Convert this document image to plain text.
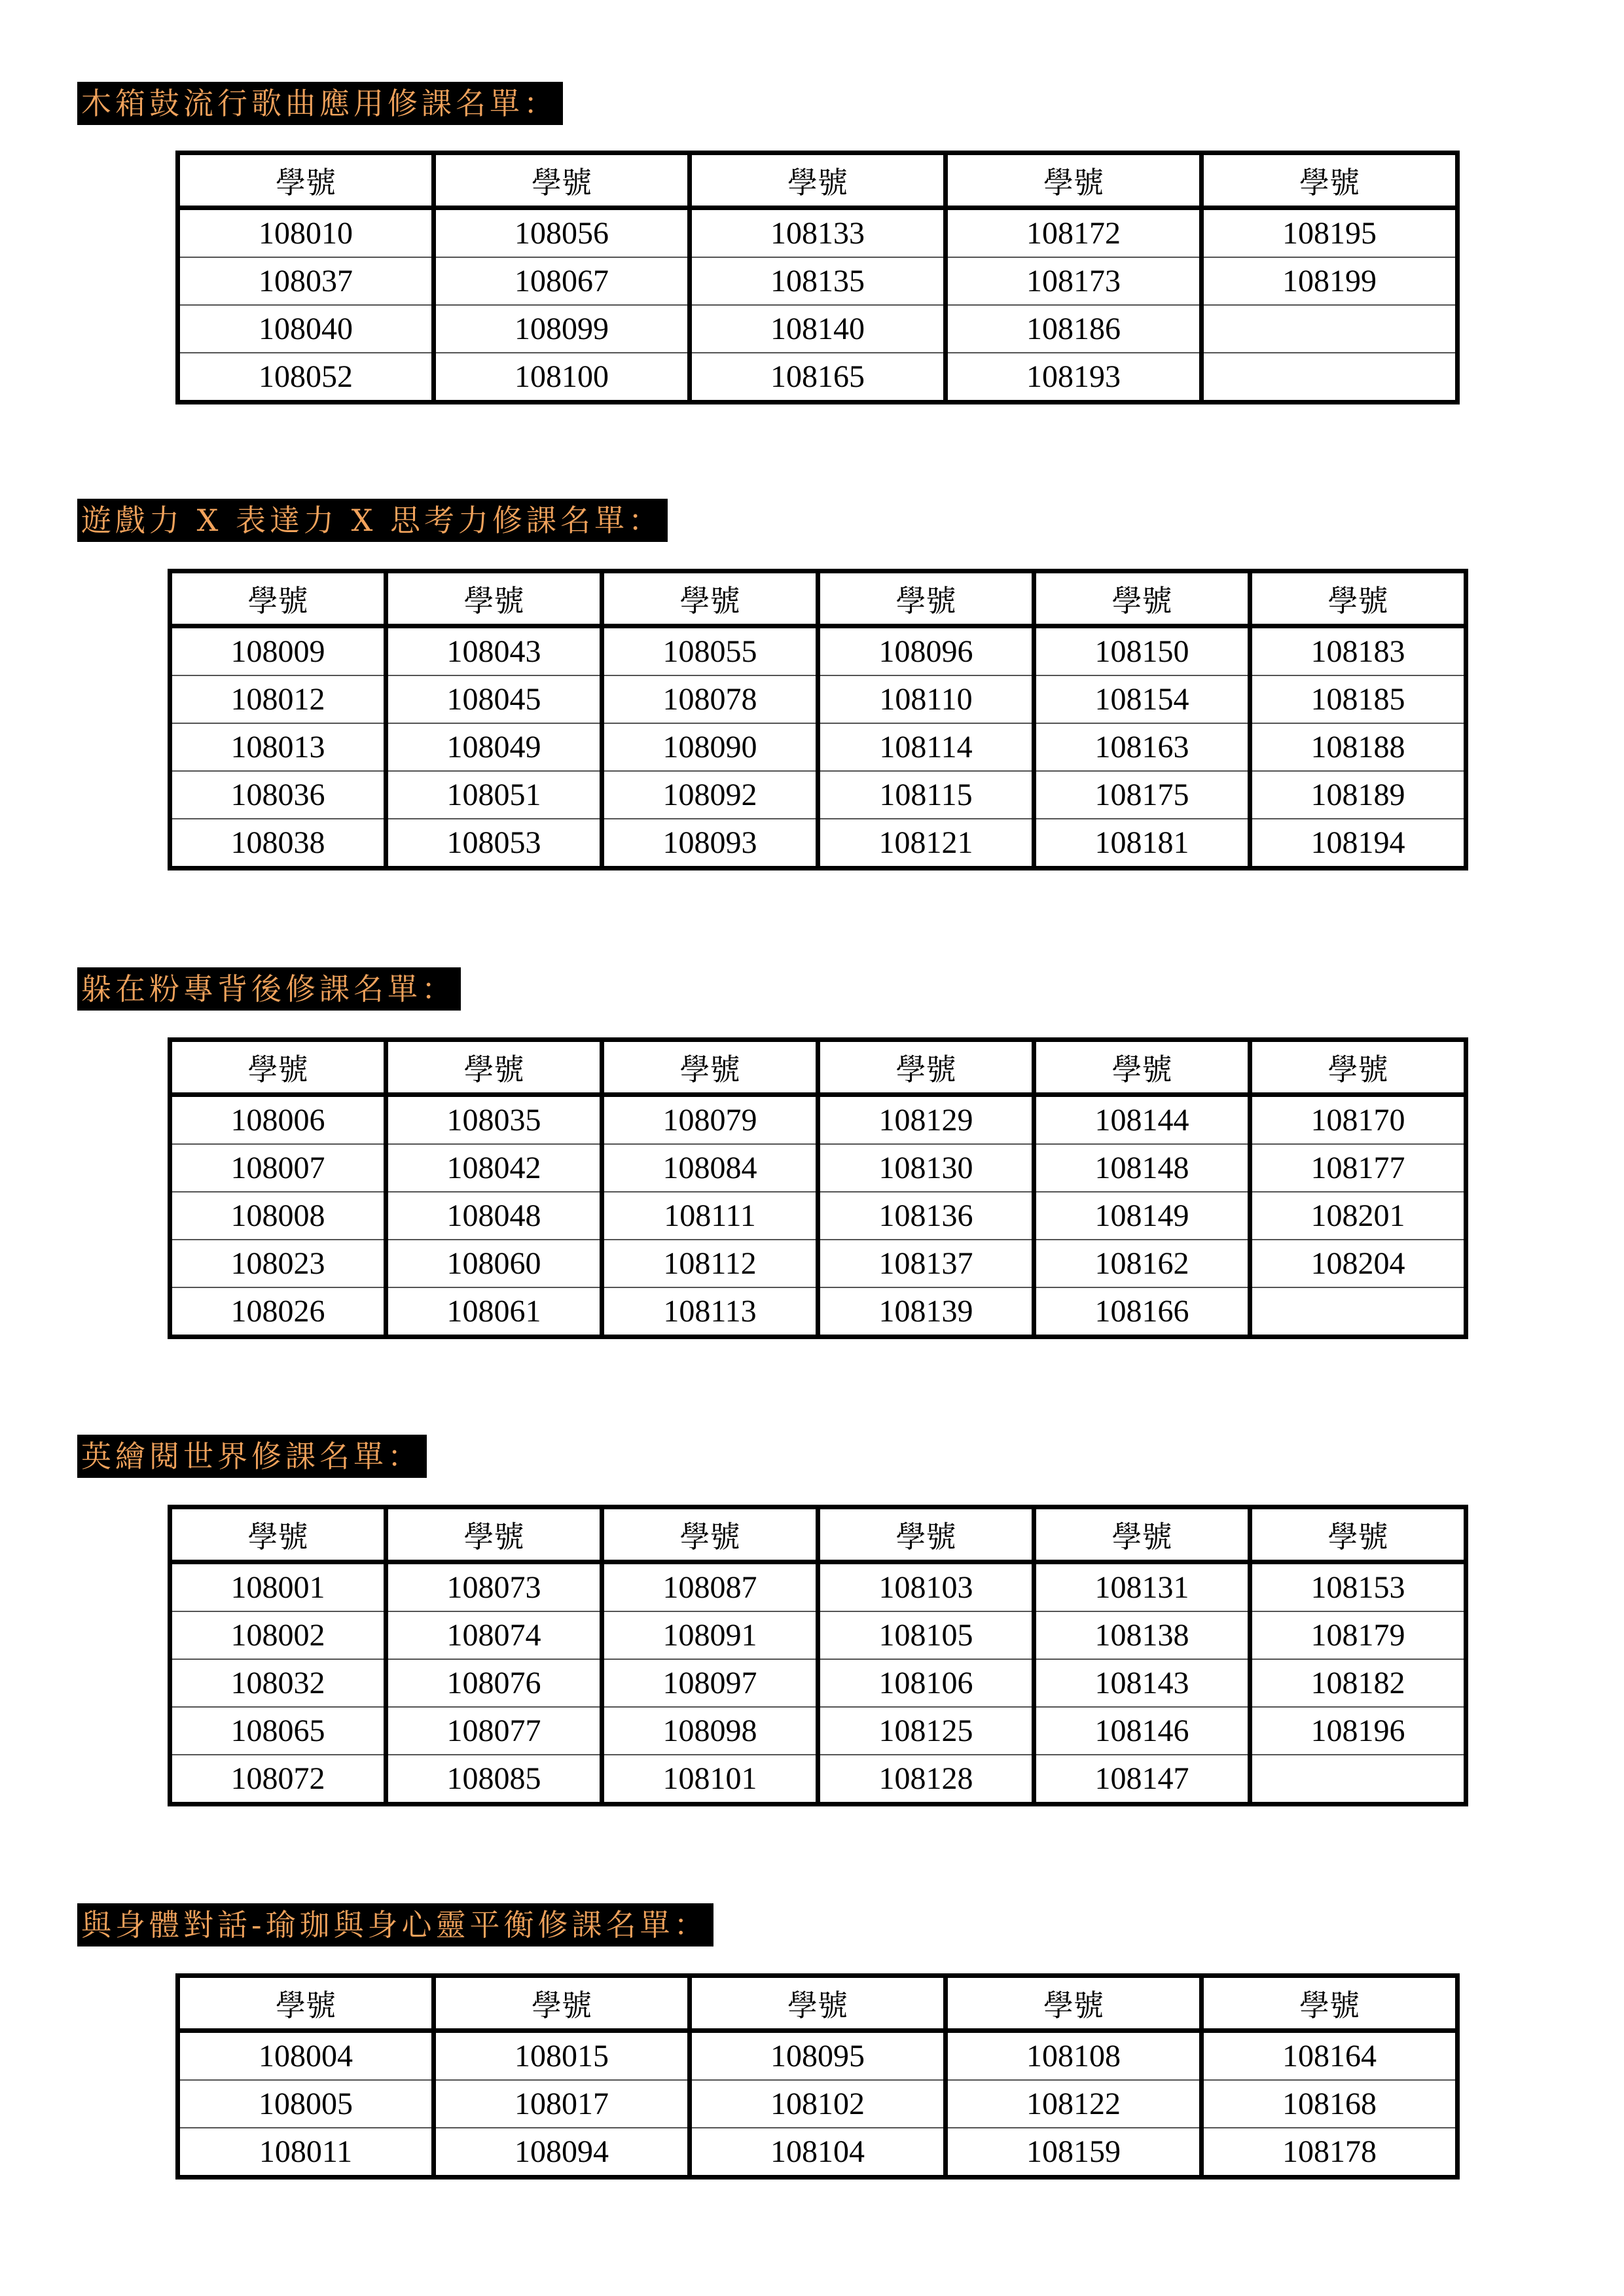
木箱鼓流行歌曲應用修課名單：
學號	學號	學號	學號	學號
108010	108056	108133	108172	108195
108037	108067	108135	108173	108199
108040	108099	108140	108186	
108052	108100	108165	108193	
遊戲力 X 表達力 X 思考力修課名單：
學號	學號	學號	學號	學號	學號
108009	108043	108055	108096	108150	108183
108012	108045	108078	108110	108154	108185
108013	108049	108090	108114	108163	108188
108036	108051	108092	108115	108175	108189
108038	108053	108093	108121	108181	108194
躲在粉專背後修課名單：
學號	學號	學號	學號	學號	學號
108006	108035	108079	108129	108144	108170
108007	108042	108084	108130	108148	108177
108008	108048	108111	108136	108149	108201
108023	108060	108112	108137	108162	108204
108026	108061	108113	108139	108166	
英繪閱世界修課名單：
學號	學號	學號	學號	學號	學號
108001	108073	108087	108103	108131	108153
108002	108074	108091	108105	108138	108179
108032	108076	108097	108106	108143	108182
108065	108077	108098	108125	108146	108196
108072	108085	108101	108128	108147	
與身體對話-瑜珈與身心靈平衡修課名單：
學號	學號	學號	學號	學號
108004	108015	108095	108108	108164
108005	108017	108102	108122	108168
108011	108094	108104	108159	108178
